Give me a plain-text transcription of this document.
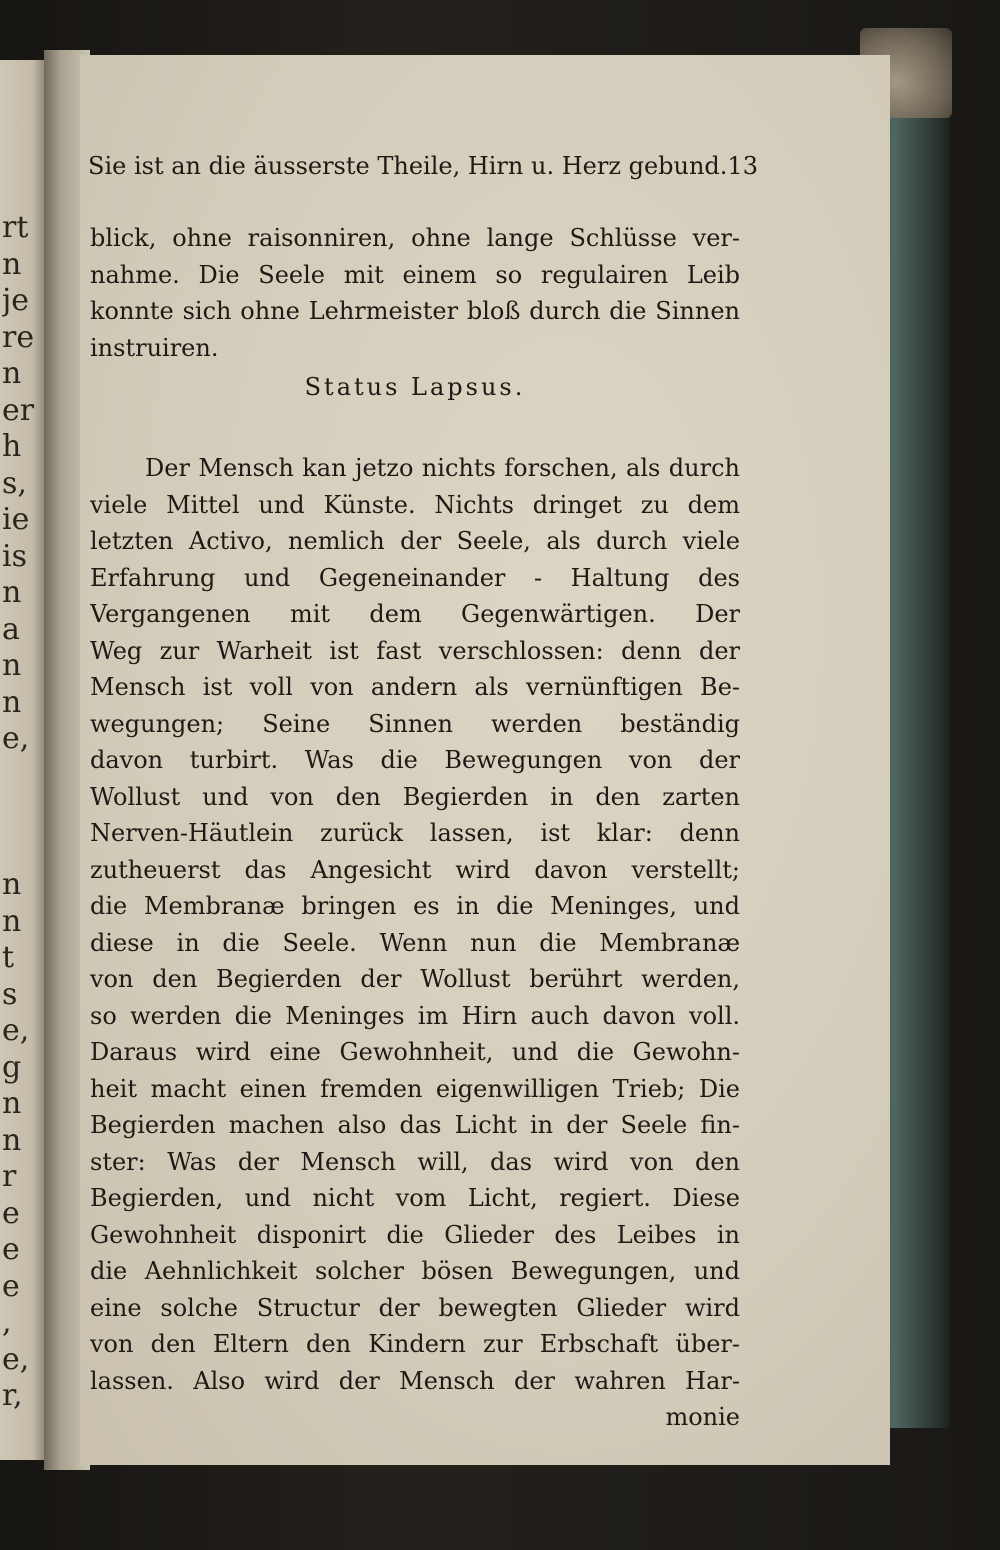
rt
n
je
re
n
er
h
s,
ie
is
n
a
n
n
e,
n
n
t
s
e,
g
n
n
r
e
e
e
,
e,
r,
Sie ist an die äusserste Theile, Hirn u. Herz gebund. 13
blick, ohne raisonniren, ohne lange Schlüsse ver-
nahme. Die Seele mit einem so regulairen Leib
konnte sich ohne Lehrmeister bloß durch die Sinnen
instruiren.
Status Lapsus.
Der Mensch kan jetzo nichts forschen, als durch
viele Mittel und Künste. Nichts dringet zu dem
letzten Activo, nemlich der Seele, als durch viele
Erfahrung und Gegeneinander - Haltung des
Vergangenen mit dem Gegenwärtigen. Der
Weg zur Warheit ist fast verschlossen: denn der
Mensch ist voll von andern als vernünftigen Be-
wegungen; Seine Sinnen werden beständig
davon turbirt. Was die Bewegungen von der
Wollust und von den Begierden in den zarten
Nerven-Häutlein zurück lassen, ist klar: denn
zutheuerst das Angesicht wird davon verstellt;
die Membranæ bringen es in die Meninges, und
diese in die Seele. Wenn nun die Membranæ
von den Begierden der Wollust berührt werden,
so werden die Meninges im Hirn auch davon voll.
Daraus wird eine Gewohnheit, und die Gewohn-
heit macht einen fremden eigenwilligen Trieb; Die
Begierden machen also das Licht in der Seele fin-
ster: Was der Mensch will, das wird von den
Begierden, und nicht vom Licht, regiert. Diese
Gewohnheit disponirt die Glieder des Leibes in
die Aehnlichkeit solcher bösen Bewegungen, und
eine solche Structur der bewegten Glieder wird
von den Eltern den Kindern zur Erbschaft über-
lassen. Also wird der Mensch der wahren Har-
monie
